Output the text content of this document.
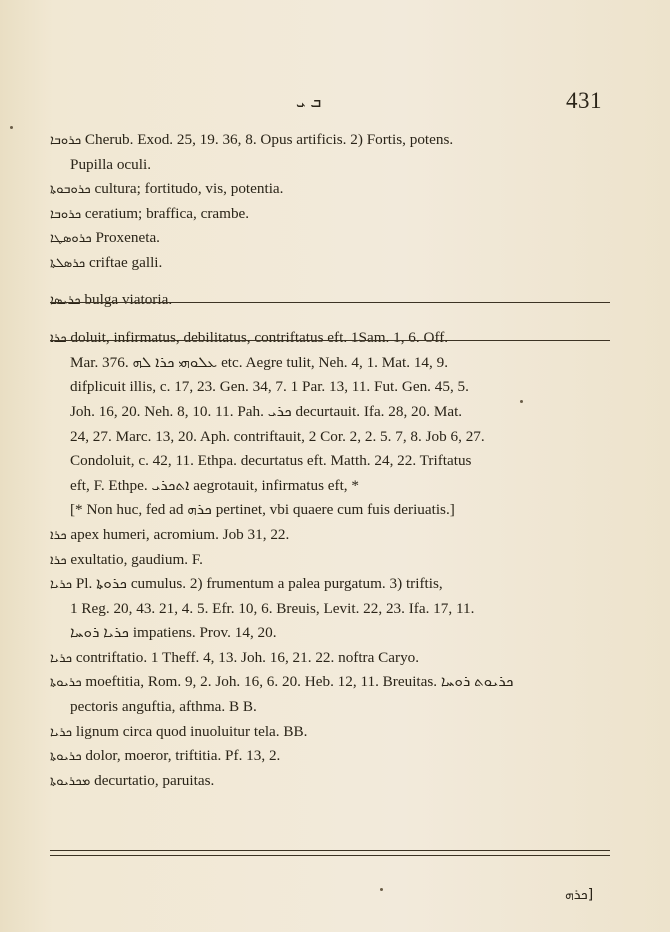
ܒ ܝ	431
ܟܪܘܒܐ Cherub. Exod. 25, 19. 36, 8. Opus artificis. 2) Fortis, potens.
Pupilla oculi.
ܟܪܘܒܘܬܐ cultura; fortitudo, vis, potentia.
ܟܪܘܒܐ ceratium; braffica, crambe.
ܟܪܘܣܛܐ Proxeneta.
ܟܪܣܠܬܐ criftae galli.
ܟܪܝܣܐ bulga viatoria.
ܟܪܐ doluit, infirmatus, debilitatus, contriftatus eft. 1Sam. 1, 6. Off.
Mar. 376. ܥܠܘܗܝ ܟܪܐ ܠܗ etc. Aegre tulit, Neh. 4, 1. Mat. 14, 9.
difplicuit illis, c. 17, 23. Gen. 34, 7. 1 Par. 13, 11. Fut. Gen. 45, 5.
Joh. 16, 20. Neh. 8, 10. 11. Pah. ܟܪܝ decurtauit. Ifa. 28, 20. Mat.
24, 27. Marc. 13, 20. Aph. contriftauit, 2 Cor. 2, 2. 5. 7, 8. Job 6, 27.
Condoluit, c. 42, 11. Ethpa. decurtatus eft. Matth. 24, 22. Triftatus
eft, F. Ethpe. ܐܬܟܪܝ aegrotauit, infirmatus eft, *
[* Non huc, fed ad ܟܪܗ pertinet, vbi quaere cum fuis deriuatis.]
ܟܪܐ apex humeri, acromium. Job 31, 22.
ܟܪܐ exultatio, gaudium. F.
ܟܪܝܐ Pl. ܟܪܘܬܐ cumulus. 2) frumentum a palea purgatum. 3) triftis,
1 Reg. 20, 43. 21, 4. 5. Efr. 10, 6. Breuis, Levit. 22, 23. Ifa. 17, 11.
ܟܪܝܐ ܪܘܚܐ impatiens. Prov. 14, 20.
ܟܪܝܐ contriftatio. 1 Theff. 4, 13. Joh. 16, 21. 22. noftra Caryo.
ܟܪܝܘܬܐ moeftitia, Rom. 9, 2. Joh. 16, 6. 20. Heb. 12, 11. Breuitas. ܟܪܝܘܬ ܪܘܚܐ
pectoris anguftia, afthma. B B.
ܟܪܝܐ lignum circa quod inuoluitur tela. BB.
ܟܪܝܘܬܐ dolor, moeror, triftitia. Pf. 13, 2.
ܡܟܪܝܘܬܐ decurtatio, paruitas.
[ܟܪܗ
